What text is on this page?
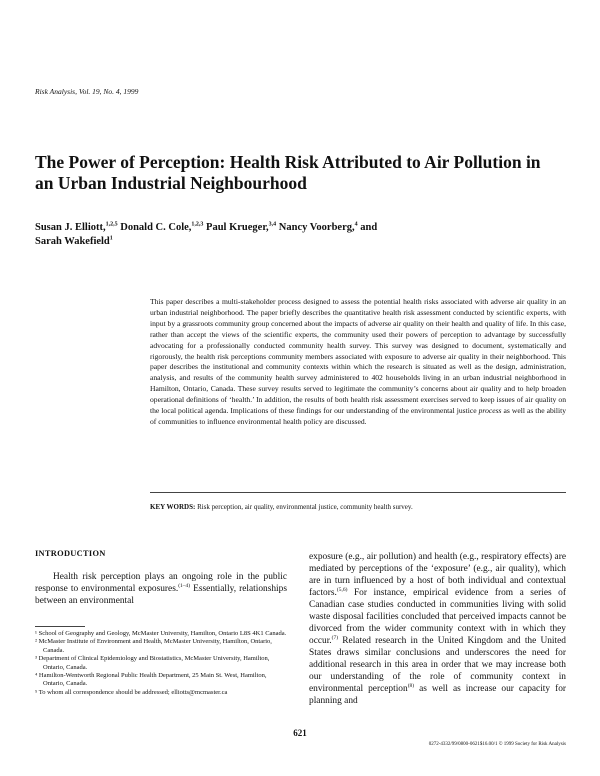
Risk Analysis, Vol. 19, No. 4, 1999
The Power of Perception: Health Risk Attributed to Air Pollution in an Urban Industrial Neighbourhood
Susan J. Elliott,$^{1,2,5}$ Donald C. Cole,$^{1,2,3}$ Paul Krueger,$^{3,4}$ Nancy Voorberg,$^4$ and
Sarah Wakefield$^1$
This paper describes a multi-stakeholder process designed to assess the potential health risks associated with adverse air quality in an urban industrial neighborhood. The paper briefly describes the quantitative health risk assessment conducted by scientific experts, with input by a grassroots community group concerned about the impacts of adverse air quality on their health and quality of life. In this case, rather than accept the views of the scientific experts, the community used their powers of perception to advantage by successfully advocating for a professionally conducted community health survey. This survey was designed to document, systematically and rigorously, the health risk perceptions community members associated with exposure to adverse air quality in their neighborhood. This paper describes the institutional and community contexts within which the research is situated as well as the design, administration, analysis, and results of the community health survey administered to 402 households living in an urban industrial neighborhood in Hamilton, Ontario, Canada. These survey results served to legitimate the community’s concerns about air quality and to help broaden operational definitions of ‘health.’ In addition, the results of both health risk assessment exercises served to keep issues of air quality on the local political agenda. Implications of these findings for our understanding of the environmental justice process as well as the ability of communities to influence environmental health policy are discussed.
KEY WORDS: Risk perception, air quality, environmental justice, community health survey.
INTRODUCTION

Health risk perception plays an ongoing role in the public response to environmental exposures.$^{(1-4)}$ Essentially, relationships between an environmental

¹ School of Geography and Geology, McMaster University, Hamilton, Ontario L8S 4K1 Canada.

² McMaster Institute of Environment and Health, McMaster University, Hamilton, Ontario, Canada.

³ Department of Clinical Epidemiology and Biostatistics, McMaster University, Hamilton, Ontario, Canada.

⁴ Hamilton-Wentworth Regional Public Health Department, 25 Main St. West, Hamilton, Ontario, Canada.

⁵ To whom all correspondence should be addressed; elliotts@mcmaster.ca

exposure (e.g., air pollution) and health (e.g., respiratory effects) are mediated by perceptions of the ‘exposure’ (e.g., air quality), which are in turn influenced by a host of both individual and contextual factors.$^{(5,6)}$ For instance, empirical evidence from a series of Canadian case studies conducted in communities living with solid waste disposal facilities concluded that perceived impacts cannot be divorced from the wider community context with in which they occur.$^{(7)}$ Related research in the United Kingdom and the United States draws similar conclusions and underscores the need for additional research in this area in order that we may increase both our understanding of the role of community context in environmental perception$^{(8)}$ as well as increase our capacity for planning and

621
0272-4332/99/0800-0621$16.00/1 © 1999 Society for Risk Analysis
